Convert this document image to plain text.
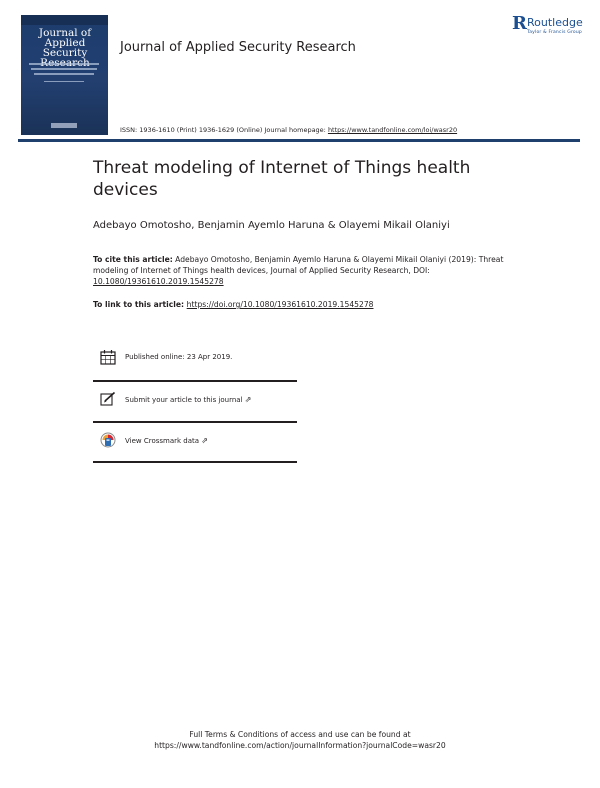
Journal of
Applied Security	Journal of Applied Security Research
R Routledge
Taylor & Francis Group
ISSN: 1936-1610 (Print) 1936-1629 (Online) Journal homepage: https://www.tandfonline.com/loi/wasr20
Threat modeling of Internet of Things health devices
Adebayo Omotosho, Benjamin Ayemlo Haruna & Olayemi Mikail Olaniyi
To cite this article: Adebayo Omotosho, Benjamin Ayemlo Haruna & Olayemi Mikail Olaniyi (2019): Threat modeling of Internet of Things health devices, Journal of Applied Security Research, DOI: 10.1080/19361610.2019.1545278
To link to this article: https://doi.org/10.1080/19361610.2019.1545278
Published online: 23 Apr 2019.
Submit your article to this journal ⇗
View Crossmark data ⇗
Full Terms & Conditions of access and use can be found at
https://www.tandfonline.com/action/journalInformation?journalCode=wasr20
